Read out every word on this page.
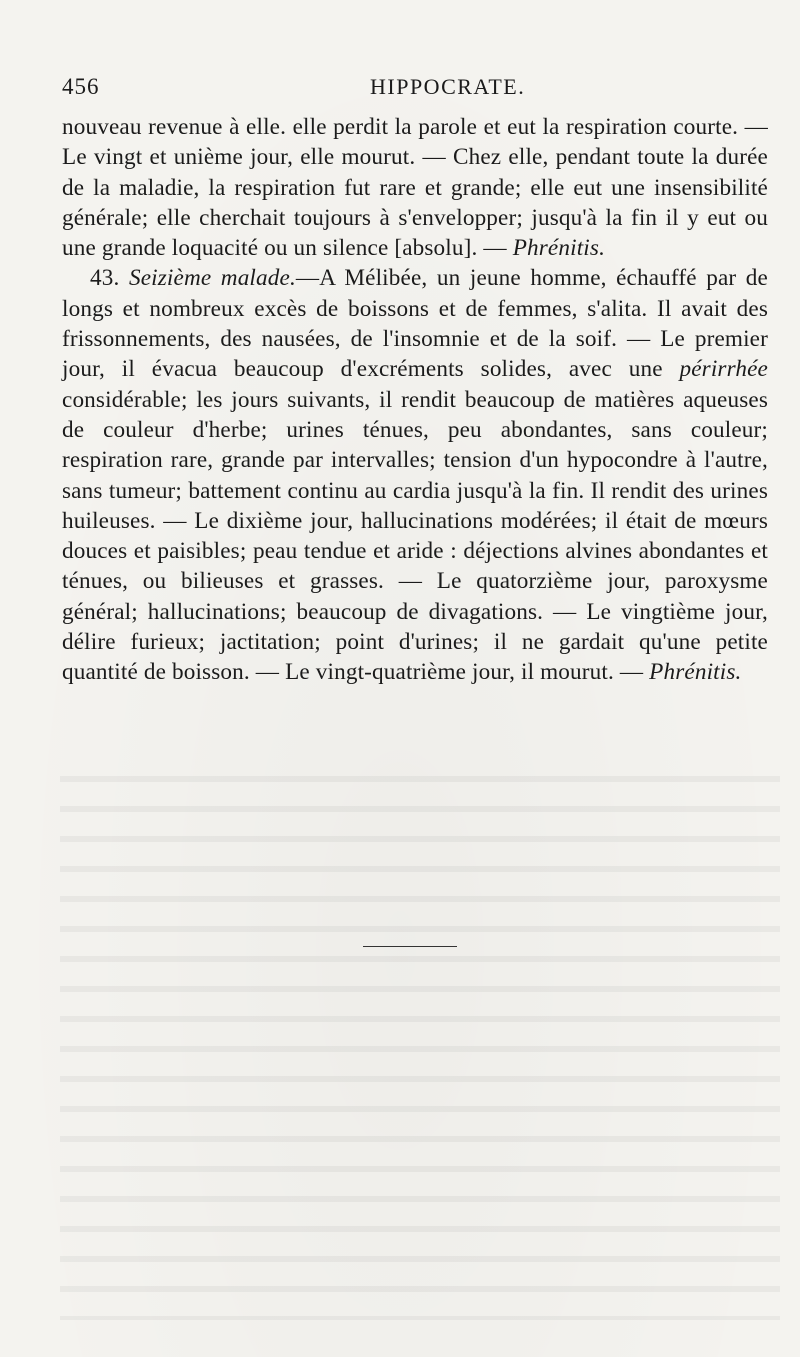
456	HIPPOCRATE.

nouveau revenue à elle. elle perdit la parole et eut la respiration courte. — Le vingt et unième jour, elle mourut. — Chez elle, pendant toute la durée de la maladie, la respiration fut rare et grande; elle eut une insensibilité générale; elle cherchait toujours à s'envelopper; jusqu'à la fin il y eut ou une grande loquacité ou un silence [absolu]. — Phrénitis.

43. Seizième malade.—A Mélibée, un jeune homme, échauffé par de longs et nombreux excès de boissons et de femmes, s'alita. Il avait des frissonnements, des nausées, de l'insomnie et de la soif. — Le premier jour, il évacua beaucoup d'excréments solides, avec une périrrhée considérable; les jours suivants, il rendit beaucoup de matières aqueuses de couleur d'herbe; urines ténues, peu abondantes, sans couleur; respiration rare, grande par intervalles; tension d'un hypocondre à l'autre, sans tumeur; battement continu au cardia jusqu'à la fin. Il rendit des urines huileuses. — Le dixième jour, hallucinations modérées; il était de mœurs douces et paisibles; peau tendue et aride : déjections alvines abondantes et ténues, ou bilieuses et grasses. — Le quatorzième jour, paroxysme général; hallucinations; beaucoup de divagations. — Le vingtième jour, délire furieux; jactitation; point d'urines; il ne gardait qu'une petite quantité de boisson. — Le vingt-quatrième jour, il mourut. — Phrénitis.
